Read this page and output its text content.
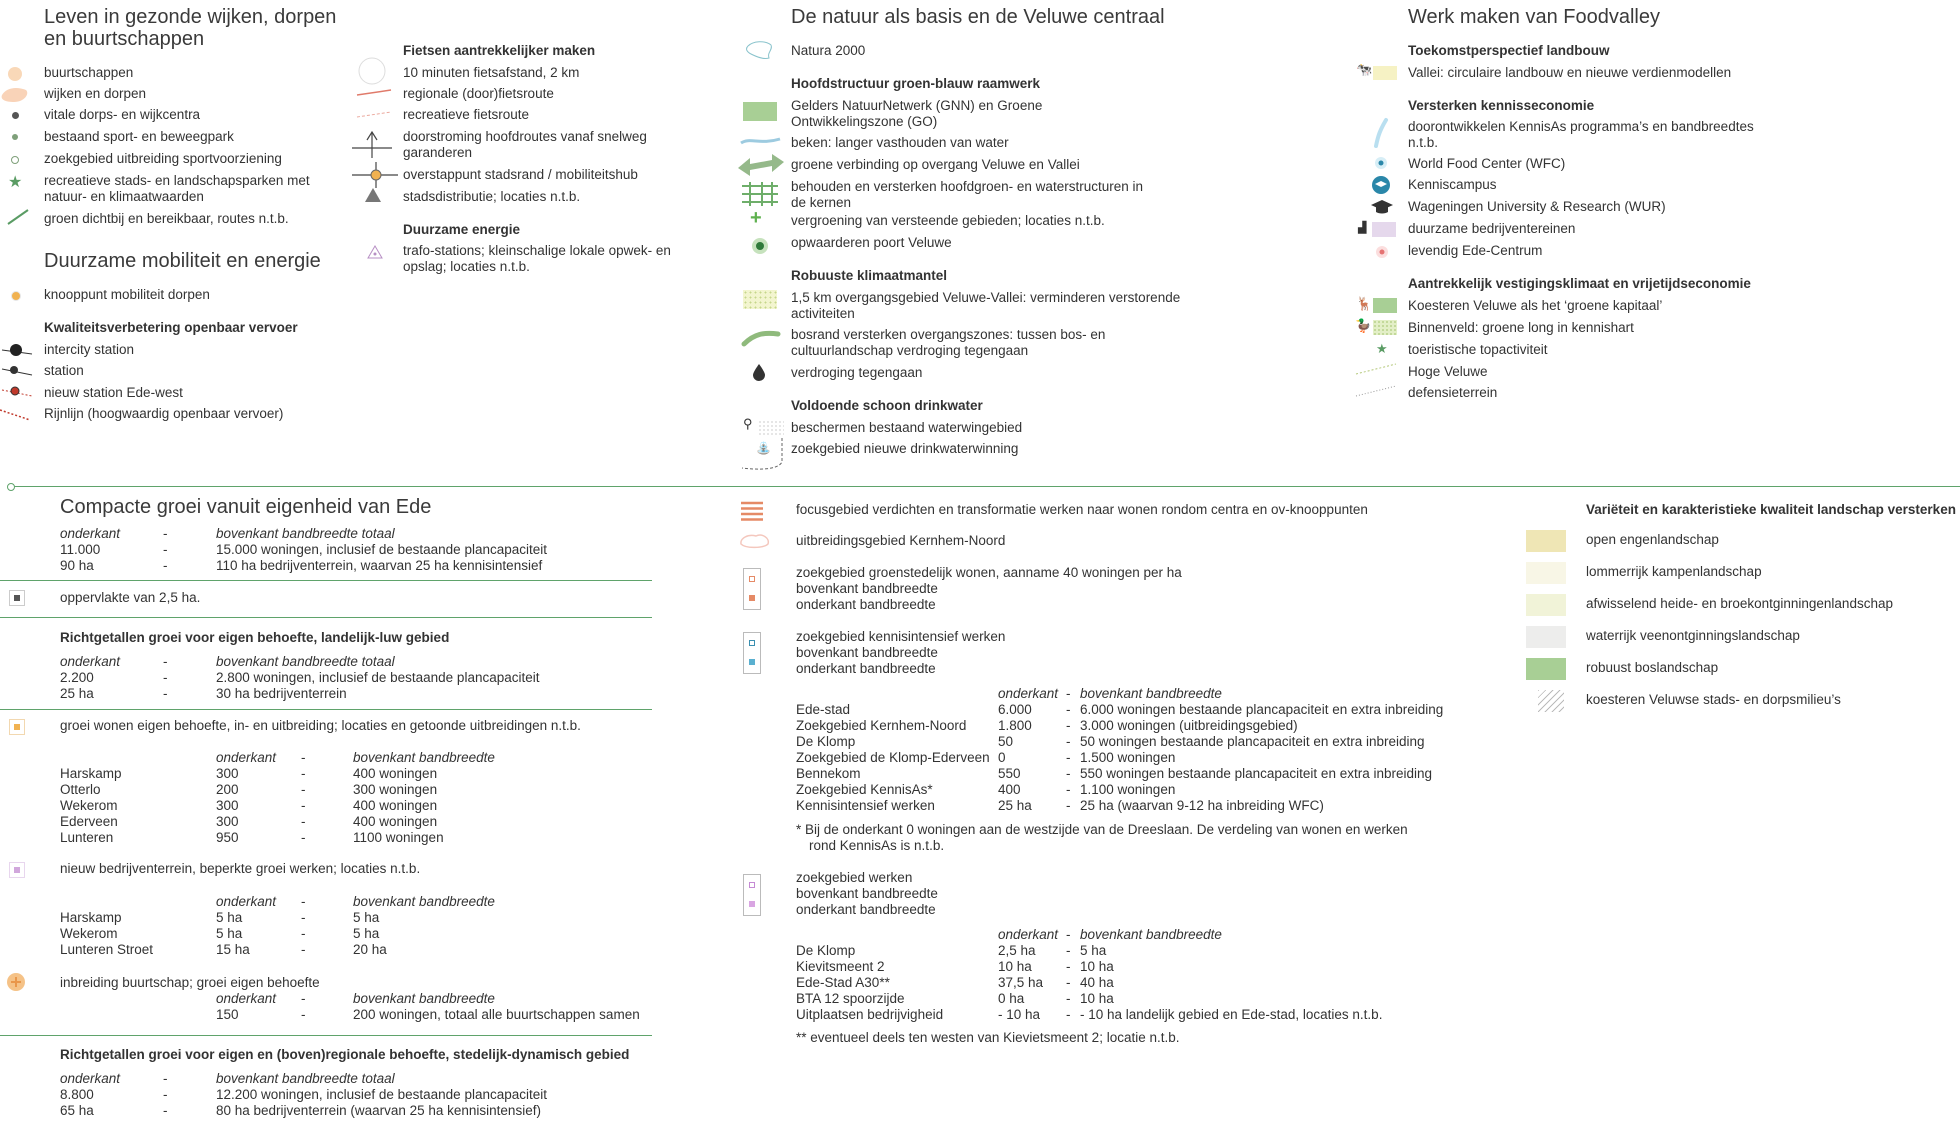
Leven in gezonde wijken, dorpen
en buurtschappen
buurtschappen
wijken en dorpen
vitale dorps- en wijkcentra
bestaand sport- en beweegpark
zoekgebied uitbreiding sportvoorziening
★ recreatieve stads- en landschapsparken met
natuur- en klimaatwaarden
groen dichtbij en bereikbaar, routes n.t.b.
Fietsen aantrekkelijker maken
10 minuten fietsafstand, 2 km
regionale (door)fietsroute
recreatieve fietsroute
doorstroming hoofdroutes vanaf snelweg
garanderen
overstappunt stadsrand / mobiliteitshub
stadsdistributie; locaties n.t.b.
Duurzame energie
trafo-stations; kleinschalige lokale opwek- en
opslag; locaties n.t.b.
Duurzame mobiliteit en energie
knooppunt mobiliteit dorpen
Kwaliteitsverbetering openbaar vervoer
intercity station
station
nieuw station Ede-west
Rijnlijn (hoogwaardig openbaar vervoer)
De natuur als basis en de Veluwe centraal
Natura 2000
Hoofdstructuur groen-blauw raamwerk
Gelders NatuurNetwerk (GNN) en Groene
Ontwikkelingszone (GO)
beken: langer vasthouden van water
groene verbinding op overgang Veluwe en Vallei
behouden en versterken hoofdgroen- en waterstructuren in
de kernen
+ vergroening van versteende gebieden; locaties n.t.b.
opwaarderen poort Veluwe
Robuuste klimaatmantel
1,5 km overgangsgebied Veluwe-Vallei: verminderen verstorende
activiteiten
bosrand versterken overgangszones: tussen bos- en
cultuurlandschap verdroging tegengaan
verdroging tegengaan
Voldoende schoon drinkwater
⚲	beschermen bestaand waterwingebied
⛲ zoekgebied nieuwe drinkwaterwinning
Werk maken van Foodvalley
Toekomstperspectief landbouw
🐄	Vallei: circulaire landbouw en nieuwe verdienmodellen
Versterken kennisseconomie
doorontwikkelen KennisAs programma’s en bandbreedtes
n.t.b.
World Food Center (WFC)
Kenniscampus
Wageningen University & Research (WUR)
▟	duurzame bedrijventereinen
levendig Ede-Centrum
Aantrekkelijk vestigingsklimaat en vrijetijdseconomie
🦌	Koesteren Veluwe als het ‘groene kapitaal’
🦆	Binnenveld: groene long in kennishart
★ toeristische topactiviteit
Hoge Veluwe
defensieterrein
Compacte groei vanuit eigenheid van Ede
onderkant	-	bovenkant bandbreedte totaal
11.000	-	15.000 woningen, inclusief de bestaande plancapaciteit
90 ha	-	110 ha bedrijventerrein, waarvan 25 ha kennisintensief
oppervlakte van 2,5 ha.
Richtgetallen groei voor eigen behoefte, landelijk-luw gebied
onderkant	-	bovenkant bandbreedte totaal
2.200	-	2.800 woningen, inclusief de bestaande plancapaciteit
25 ha	-	30 ha bedrijventerrein
groei wonen eigen behoefte, in- en uitbreiding; locaties en getoonde uitbreidingen n.t.b.
onderkant -	bovenkant bandbreedte
Harskamp	300	-	400 woningen
Otterlo	200	-	300 woningen
Wekerom	300	-	400 woningen
Ederveen	300	-	400 woningen
Lunteren	950	-	1100 woningen
nieuw bedrijventerrein, beperkte groei werken; locaties n.t.b.
onderkant -	bovenkant bandbreedte
Harskamp	5 ha	-	5 ha
Wekerom	5 ha	-	5 ha
Lunteren Stroet	15 ha	-	20 ha
inbreiding buurtschap; groei eigen behoefte
onderkant -	bovenkant bandbreedte
150	-	200 woningen, totaal alle buurtschappen samen
Richtgetallen groei voor eigen en (boven)regionale behoefte, stedelijk-dynamisch gebied
onderkant	-	bovenkant bandbreedte totaal
8.800	-	12.200 woningen, inclusief de bestaande plancapaciteit
65 ha	-	80 ha bedrijventerrein (waarvan 25 ha kennisintensief)
focusgebied verdichten en transformatie werken naar wonen rondom centra en ov-knooppunten
uitbreidingsgebied Kernhem-Noord
zoekgebied groenstedelijk wonen, aanname 40 woningen per ha
bovenkant bandbreedte
onderkant bandbreedte
zoekgebied kennisintensief werken
bovenkant bandbreedte
onderkant bandbreedte
onderkant - bovenkant bandbreedte
Ede-stad	6.000	- 6.000 woningen bestaande plancapaciteit en extra inbreiding
Zoekgebied Kernhem-Noord 1.800	- 3.000 woningen (uitbreidingsgebied)
De Klomp	50	- 50 woningen bestaande plancapaciteit en extra inbreiding
Zoekgebied de Klomp-Ederveen 0	- 1.500 woningen
Bennekom	550	- 550 woningen bestaande plancapaciteit en extra inbreiding
Zoekgebied KennisAs*	400	- 1.100 woningen
Kennisintensief werken	25 ha	- 25 ha (waarvan 9-12 ha inbreiding WFC)
* Bij de onderkant 0 woningen aan de westzijde van de Dreeslaan. De verdeling van wonen en werken
rond KennisAs is n.t.b.
zoekgebied werken
bovenkant bandbreedte
onderkant bandbreedte
onderkant - bovenkant bandbreedte
De Klomp	2,5 ha - 5 ha
Kievitsmeent 2	10 ha	- 10 ha
Ede-Stad A30**	37,5 ha - 40 ha
BTA 12 spoorzijde	0 ha	- 10 ha
Uitplaatsen bedrijvigheid	- 10 ha - - 10 ha landelijk gebied en Ede-stad, locaties n.t.b.
** eventueel deels ten westen van Kievietsmeent 2; locatie n.t.b.
Variëteit en karakteristieke kwaliteit landschap versterken
open engenlandschap
lommerrijk kampenlandschap
afwisselend heide- en broekontginningenlandschap
waterrijk veenontginningslandschap
robuust boslandschap
koesteren Veluwse stads- en dorpsmilieu’s
